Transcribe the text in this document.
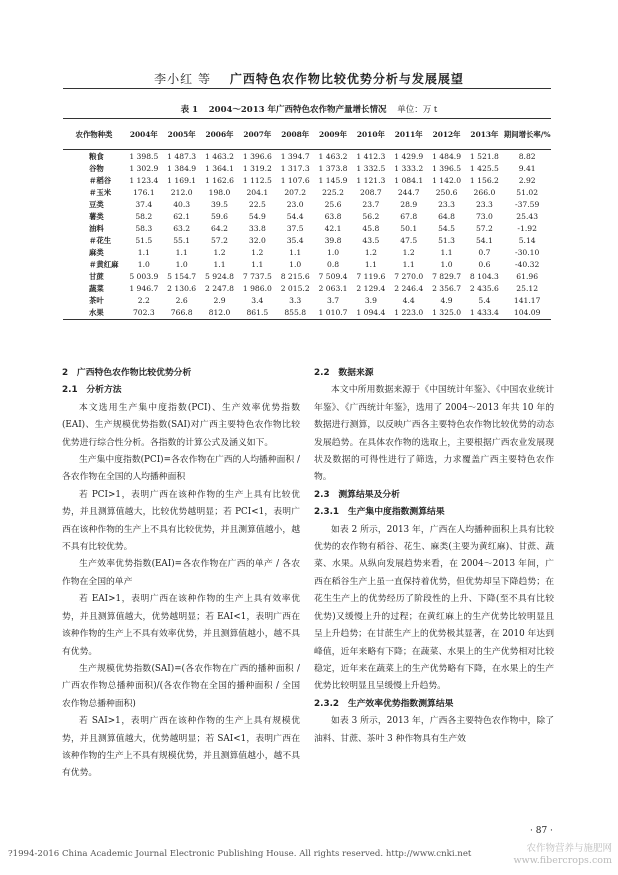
李小红 等 广西特色农作物比较优势分析与发展展望
表 1 2004～2013 年广西特色农作物产量增长情况 单位：万 t
农作物种类	2004年	2005年	2006年	2007年	2008年	2009年	2010年	2011年	2012年	2013年	期间增长率/%
粮食	1 398.5	1 487.3	1 463.2	1 396.6	1 394.7	1 463.2	1 412.3	1 429.9	1 484.9	1 521.8	8.82
谷物	1 302.9	1 384.9	1 364.1	1 319.2	1 317.3	1 373.8	1 332.5	1 333.2	1 396.5	1 425.5	9.41
＃稻谷	1 123.4	1 169.1	1 162.6	1 112.5	1 107.6	1 145.9	1 121.3	1 084.1	1 142.0	1 156.2	2.92
＃玉米	176.1	212.0	198.0	204.1	207.2	225.2	208.7	244.7	250.6	266.0	51.02
豆类	37.4	40.3	39.5	22.5	23.0	25.6	23.7	28.9	23.3	23.3	-37.59
薯类	58.2	62.1	59.6	54.9	54.4	63.8	56.2	67.8	64.8	73.0	25.43
油料	58.3	63.2	64.2	33.8	37.5	42.1	45.8	50.1	54.5	57.2	-1.92
＃花生	51.5	55.1	57.2	32.0	35.4	39.8	43.5	47.5	51.3	54.1	5.14
麻类	1.1	1.1	1.2	1.2	1.1	1.0	1.2	1.2	1.1	0.7	-30.10
＃黄红麻	1.0	1.0	1.1	1.1	1.0	0.8	1.1	1.1	1.0	0.6	-40.32
甘蔗	5 003.9	5 154.7	5 924.8	7 737.5	8 215.6	7 509.4	7 119.6	7 270.0	7 829.7	8 104.3	61.96
蔬菜	1 946.7	2 130.6	2 247.8	1 986.0	2 015.2	2 063.1	2 129.4	2 246.4	2 356.7	2 435.6	25.12
茶叶	2.2	2.6	2.9	3.4	3.3	3.7	3.9	4.4	4.9	5.4	141.17
水果	702.3	766.8	812.0	861.5	855.8	1 010.7	1 094.4	1 223.0	1 325.0	1 433.4	104.09

2　广西特色农作物比较优势分析

2.1　分析方法

本文选用生产集中度指数(PCI)、生产效率优势指数(EAI)、生产规模优势指数(SAI)对广西主要特色农作物比较优势进行综合性分析。各指数的计算公式及涵义如下。

生产集中度指数(PCI)=各农作物在广西的人均播种面积 / 各农作物在全国的人均播种面积

若 PCI>1，表明广西在该种作物的生产上具有比较优势，并且测算值越大，比较优势越明显；若 PCI<1，表明广西在该种作物的生产上不具有比较优势，并且测算值越小，越不具有比较优势。

生产效率优势指数(EAI)=各农作物在广西的单产 / 各农作物在全国的单产

若 EAI>1，表明广西在该种作物的生产上具有效率优势，并且测算值越大，优势越明显；若 EAI<1，表明广西在该种作物的生产上不具有效率优势，并且测算值越小，越不具有优势。

生产规模优势指数(SAI)=(各农作物在广西的播种面积 / 广西农作物总播种面积)/(各农作物在全国的播种面积 / 全国农作物总播种面积)

若 SAI>1，表明广西在该种作物的生产上具有规模优势，并且测算值越大，优势越明显；若 SAI<1，表明广西在该种作物的生产上不具有规模优势，并且测算值越小，越不具有优势。

2.2　数据来源

本文中所用数据来源于《中国统计年鉴》、《中国农业统计年鉴》、《广西统计年鉴》，选用了 2004～2013 年共 10 年的数据进行测算，以反映广西各主要特色农作物比较优势的动态发展趋势。在具体农作物的选取上，主要根据广西农业发展现状及数据的可得性进行了筛选，力求覆盖广西主要特色农作物。

2.3　测算结果及分析

2.3.1　生产集中度指数测算结果

如表 2 所示，2013 年，广西在人均播种面积上具有比较优势的农作物有稻谷、花生、麻类(主要为黄红麻)、甘蔗、蔬菜、水果。从纵向发展趋势来看，在 2004～2013 年间，广西在稻谷生产上虽一直保持着优势，但优势却呈下降趋势；在花生生产上的优势经历了阶段性的上升、下降(至不具有比较优势)又缓慢上升的过程；在黄红麻上的生产优势比较明显且呈上升趋势；在甘蔗生产上的优势极其显著，在 2010 年达到峰值，近年来略有下降；在蔬菜、水果上的生产优势相对比较稳定，近年来在蔬菜上的生产优势略有下降，在水果上的生产优势比较明显且呈缓慢上升趋势。

2.3.2　生产效率优势指数测算结果

如表 3 所示，2013 年，广西各主要特色农作物中，除了油料、甘蔗、茶叶 3 种作物具有生产效

· 87 ·
?1994-2016 China Academic Journal Electronic Publishing House. All rights reserved. http://www.cnki.net	农作物营养与施肥网
www.fibercrops.com
